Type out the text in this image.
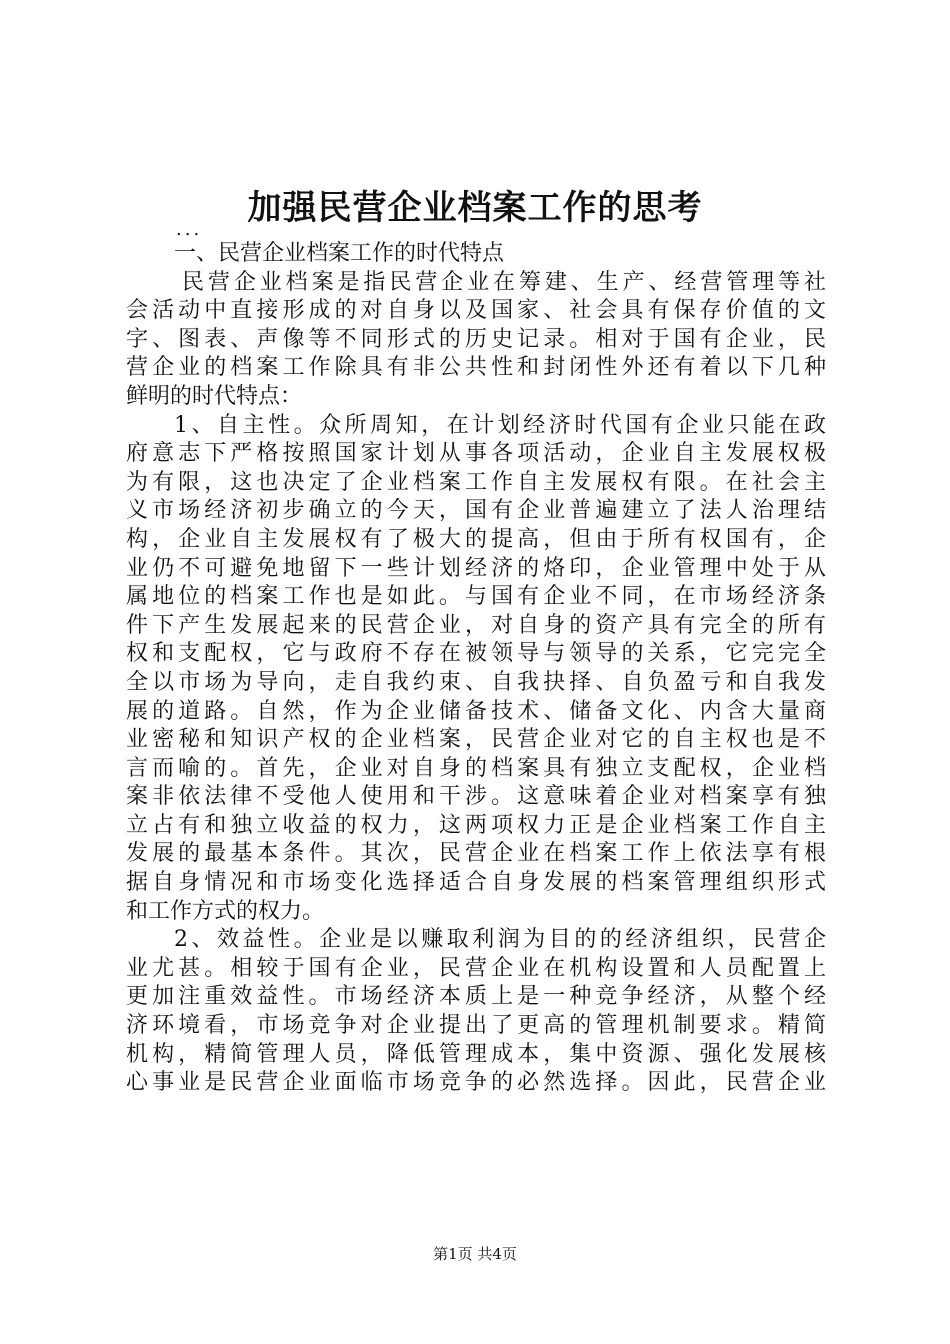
加强民营企业档案工作的思考
...
一、民营企业档案工作的时代特点
民营企业档案是指民营企业在筹建、生产、经营管理等社
会活动中直接形成的对自身以及国家、社会具有保存价值的文
字、图表、声像等不同形式的历史记录。相对于国有企业，民
营企业的档案工作除具有非公共性和封闭性外还有着以下几种
鲜明的时代特点：
1、自主性。众所周知，在计划经济时代国有企业只能在政
府意志下严格按照国家计划从事各项活动，企业自主发展权极
为有限，这也决定了企业档案工作自主发展权有限。在社会主
义市场经济初步确立的今天，国有企业普遍建立了法人治理结
构，企业自主发展权有了极大的提高，但由于所有权国有，企
业仍不可避免地留下一些计划经济的烙印，企业管理中处于从
属地位的档案工作也是如此。与国有企业不同，在市场经济条
件下产生发展起来的民营企业，对自身的资产具有完全的所有
权和支配权，它与政府不存在被领导与领导的关系，它完完全
全以市场为导向，走自我约束、自我抉择、自负盈亏和自我发
展的道路。自然，作为企业储备技术、储备文化、内含大量商
业密秘和知识产权的企业档案，民营企业对它的自主权也是不
言而喻的。首先，企业对自身的档案具有独立支配权，企业档
案非依法律不受他人使用和干涉。这意味着企业对档案享有独
立占有和独立收益的权力，这两项权力正是企业档案工作自主
发展的最基本条件。其次，民营企业在档案工作上依法享有根
据自身情况和市场变化选择适合自身发展的档案管理组织形式
和工作方式的权力。
2、效益性。企业是以赚取利润为目的的经济组织，民营企
业尤甚。相较于国有企业，民营企业在机构设置和人员配置上
更加注重效益性。市场经济本质上是一种竞争经济，从整个经
济环境看，市场竞争对企业提出了更高的管理机制要求。精简
机构，精简管理人员，降低管理成本，集中资源、强化发展核
心事业是民营企业面临市场竞争的必然选择。因此，民营企业
第1页 共4页
